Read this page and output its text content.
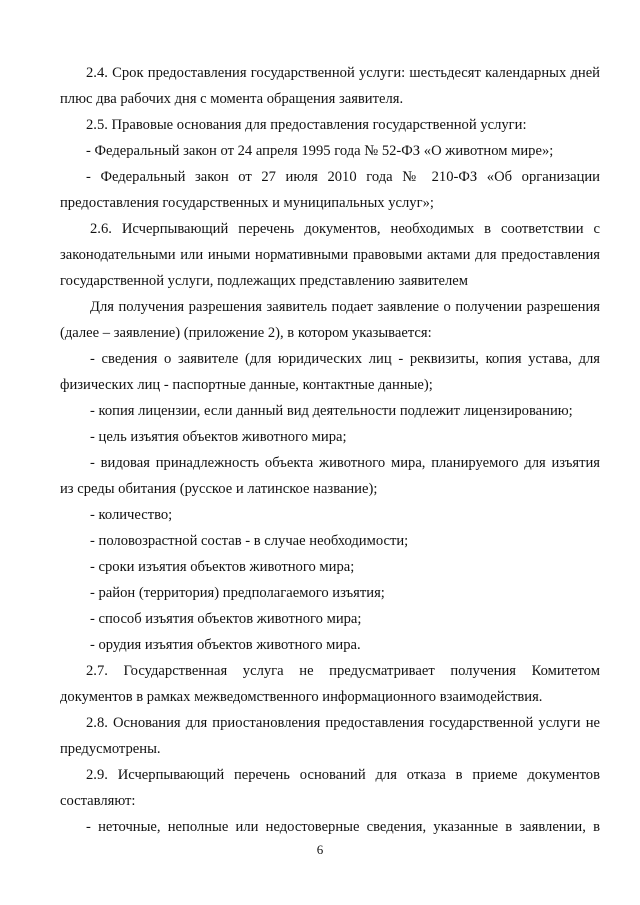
2.4. Срок предоставления государственной услуги: шестьдесят календарных дней плюс два рабочих дня с момента обращения заявителя.
2.5. Правовые основания для предоставления государственной услуги:
- Федеральный закон от 24 апреля 1995 года № 52-ФЗ «О животном мире»;
- Федеральный закон от 27 июля 2010 года № 210-ФЗ «Об организации предоставления государственных и муниципальных услуг»;
2.6. Исчерпывающий перечень документов, необходимых в соответствии с законодательными или иными нормативными правовыми актами для предоставления государственной услуги, подлежащих представлению заявителем
Для получения разрешения заявитель подает заявление о получении разрешения (далее – заявление) (приложение 2), в котором указывается:
- сведения о заявителе (для юридических лиц - реквизиты, копия устава, для физических лиц - паспортные данные, контактные данные);
- копия лицензии, если данный вид деятельности подлежит лицензированию;
- цель изъятия объектов животного мира;
- видовая принадлежность объекта животного мира, планируемого для изъятия из среды обитания (русское и латинское название);
- количество;
- половозрастной состав - в случае необходимости;
- сроки изъятия объектов животного мира;
- район (территория) предполагаемого изъятия;
- способ изъятия объектов животного мира;
- орудия изъятия объектов животного мира.
2.7. Государственная услуга не предусматривает получения Комитетом документов в рамках межведомственного информационного взаимодействия.
2.8. Основания для приостановления предоставления государственной услуги не предусмотрены.
2.9. Исчерпывающий перечень оснований для отказа в приеме документов составляют:
- неточные, неполные или недостоверные сведения, указанные в заявлении, в
6
